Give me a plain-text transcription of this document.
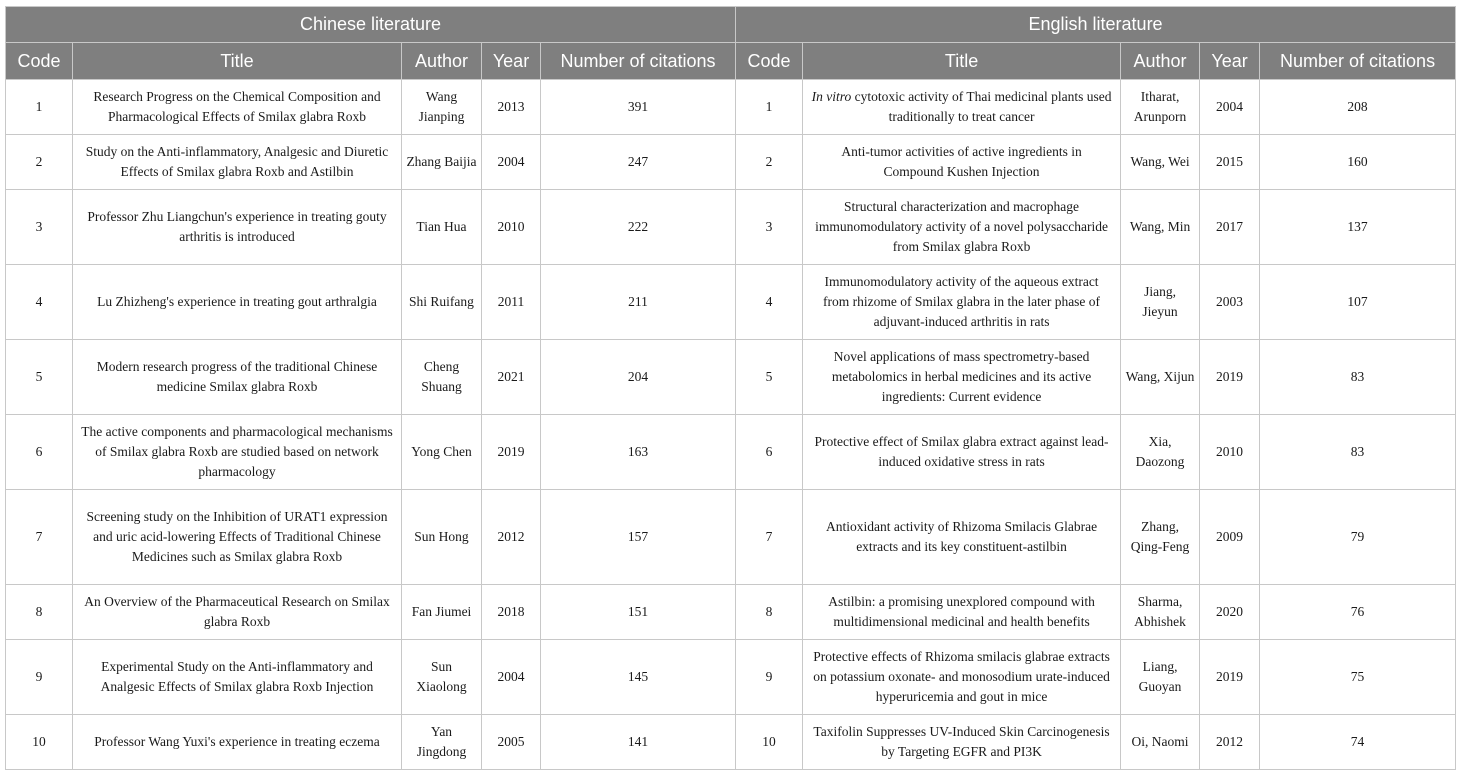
Chinese literature					English literature				
Code	Title	Author	Year	Number of citations	Code	Title	Author	Year	Number of citations
1	Research Progress on the Chemical Composition and Pharmacological Effects of Smilax glabra Roxb	Wang Jianping	2013	391	1	In vitro cytotoxic activity of Thai medicinal plants used traditionally to treat cancer	Itharat, Arunporn	2004	208
2	Study on the Anti-inflammatory, Analgesic and Diuretic Effects of Smilax glabra Roxb and Astilbin	Zhang Baijia	2004	247	2	Anti-tumor activities of active ingredients in Compound Kushen Injection	Wang, Wei	2015	160
3	Professor Zhu Liangchun's experience in treating gouty arthritis is introduced	Tian Hua	2010	222	3	Structural characterization and macrophage immunomodulatory activity of a novel polysaccharide from Smilax glabra Roxb	Wang, Min	2017	137
4	Lu Zhizheng's experience in treating gout arthralgia	Shi Ruifang	2011	211	4	Immunomodulatory activity of the aqueous extract from rhizome of Smilax glabra in the later phase of adjuvant-induced arthritis in rats	Jiang, Jieyun	2003	107
5	Modern research progress of the traditional Chinese medicine Smilax glabra Roxb	Cheng Shuang	2021	204	5	Novel applications of mass spectrometry-based metabolomics in herbal medicines and its active ingredients: Current evidence	Wang, Xijun	2019	83
6	The active components and pharmacological mechanisms of Smilax glabra Roxb are studied based on network pharmacology	Yong Chen	2019	163	6	Protective effect of Smilax glabra extract against lead-induced oxidative stress in rats	Xia, Daozong	2010	83
7	Screening study on the Inhibition of URAT1 expression and uric acid-lowering Effects of Traditional Chinese Medicines such as Smilax glabra Roxb	Sun Hong	2012	157	7	Antioxidant activity of Rhizoma Smilacis Glabrae extracts and its key constituent-astilbin	Zhang, Qing-Feng	2009	79
8	An Overview of the Pharmaceutical Research on Smilax glabra Roxb	Fan Jiumei	2018	151	8	Astilbin: a promising unexplored compound with multidimensional medicinal and health benefits	Sharma, Abhishek	2020	76
9	Experimental Study on the Anti-inflammatory and Analgesic Effects of Smilax glabra Roxb Injection	Sun Xiaolong	2004	145	9	Protective effects of Rhizoma smilacis glabrae extracts on potassium oxonate- and monosodium urate-induced hyperuricemia and gout in mice	Liang, Guoyan	2019	75
10	Professor Wang Yuxi's experience in treating eczema	Yan Jingdong	2005	141	10	Taxifolin Suppresses UV-Induced Skin Carcinogenesis by Targeting EGFR and PI3K	Oi, Naomi	2012	74
